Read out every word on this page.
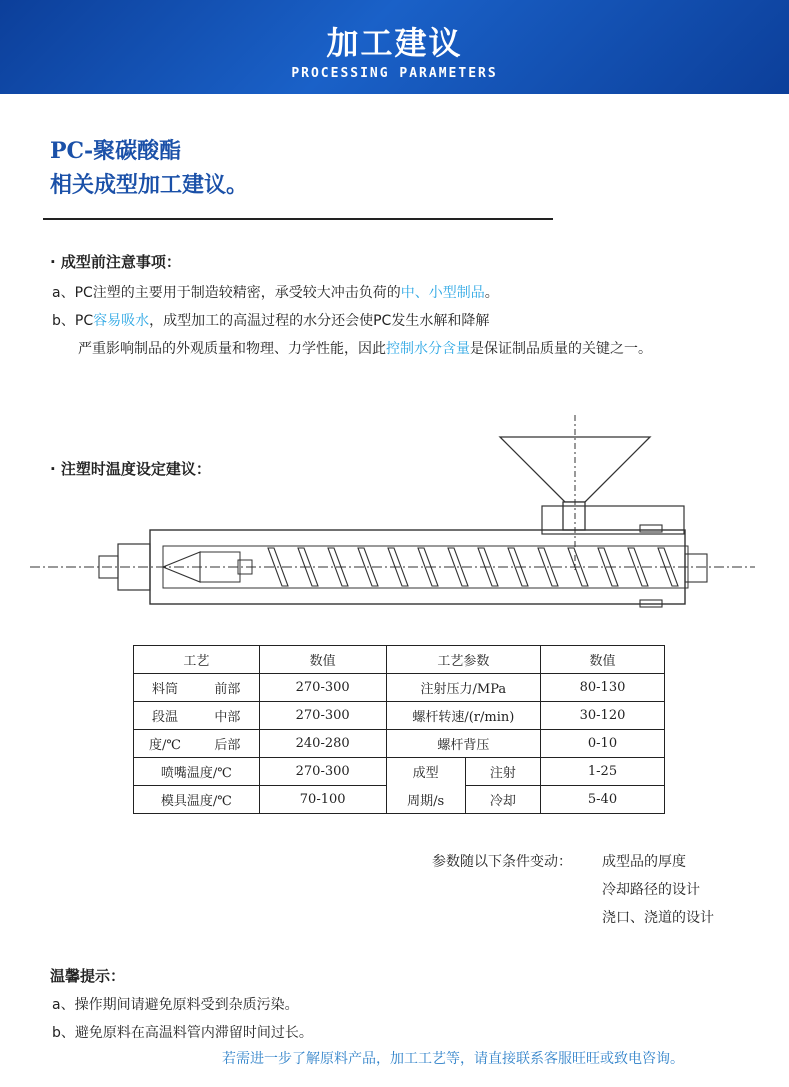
加工建议
PROCESSING PARAMETERS
PC-聚碳酸酯
相关成型加工建议。
· 成型前注意事项：
a、PC注塑的主要用于制造较精密，承受较大冲击负荷的中、小型制品。
b、PC容易吸水，成型加工的高温过程的水分还会使PC发生水解和降解
严重影响制品的外观质量和物理、力学性能，因此控制水分含量是保证制品质量的关键之一。
· 注塑时温度设定建议：
工艺		数值	工艺参数		数值
料筒	前部	270-300	注射压力/MPa		80-130
段温	中部	270-300	螺杆转速/(r/min)		30-120
度/℃	后部	240-280	螺杆背压		0-10
喷嘴温度/℃		270-300	成型	注射	1-25
模具温度/℃		70-100	周期/s	冷却	5-40
参数随以下条件变动： 成型品的厚度
冷却路径的设计
浇口、浇道的设计
温馨提示：
a、操作期间请避免原料受到杂质污染。
b、避免原料在高温料管内滞留时间过长。
若需进一步了解原料产品，加工工艺等，请直接联系客服旺旺或致电咨询。
